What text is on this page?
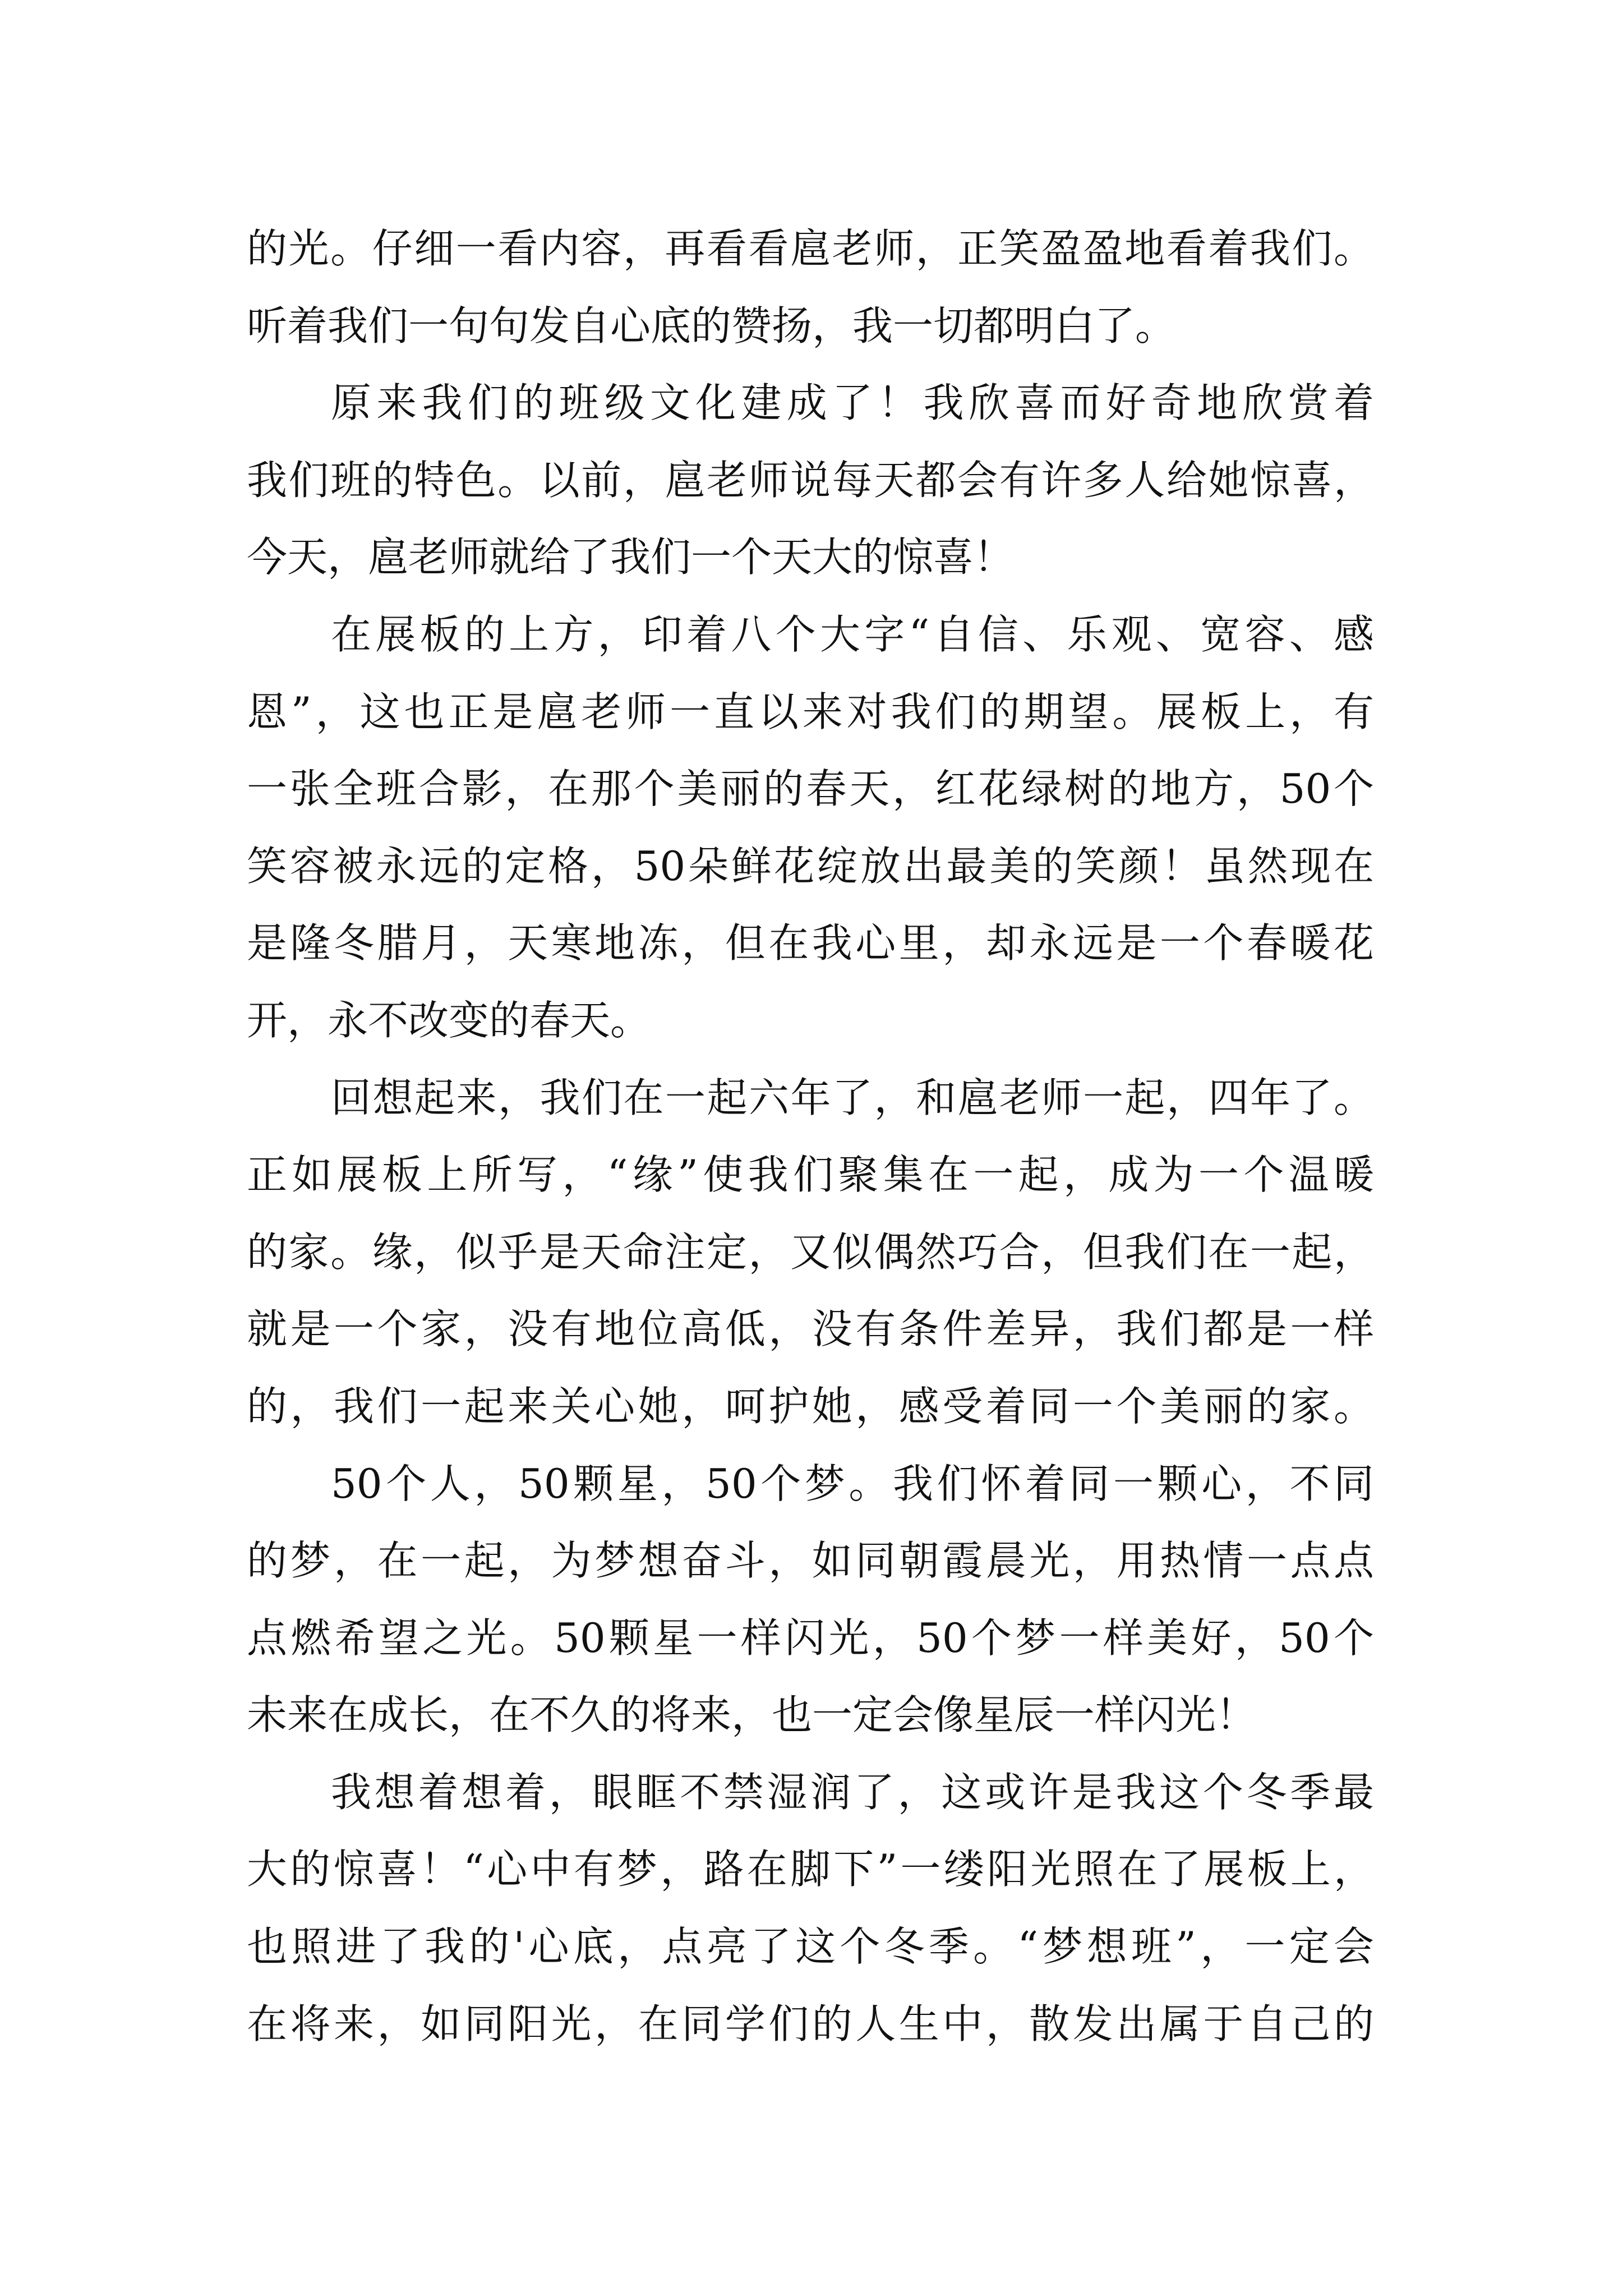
的光。仔细一看内容，再看看扈老师，正笑盈盈地看着我们。
听着我们一句句发自心底的赞扬，我一切都明白了。
原来我们的班级文化建成了！我欣喜而好奇地欣赏着
我们班的特色。以前，扈老师说每天都会有许多人给她惊喜，
今天，扈老师就给了我们一个天大的惊喜！
在展板的上方，印着八个大字“自信、乐观、宽容、感
恩”，这也正是扈老师一直以来对我们的期望。展板上，有
一张全班合影，在那个美丽的春天，红花绿树的地方，50个
笑容被永远的定格，50朵鲜花绽放出最美的笑颜！虽然现在
是隆冬腊月，天寒地冻，但在我心里，却永远是一个春暖花
开，永不改变的春天。
回想起来，我们在一起六年了，和扈老师一起，四年了。
正如展板上所写，“缘”使我们聚集在一起，成为一个温暖
的家。缘，似乎是天命注定，又似偶然巧合，但我们在一起，
就是一个家，没有地位高低，没有条件差异，我们都是一样
的，我们一起来关心她，呵护她，感受着同一个美丽的家。
50个人，50颗星，50个梦。我们怀着同一颗心，不同
的梦，在一起，为梦想奋斗，如同朝霞晨光，用热情一点点
点燃希望之光。50颗星一样闪光，50个梦一样美好，50个
未来在成长，在不久的将来，也一定会像星辰一样闪光！
我想着想着，眼眶不禁湿润了，这或许是我这个冬季最
大的惊喜！“心中有梦，路在脚下”一缕阳光照在了展板上，
也照进了我的'心底，点亮了这个冬季。“梦想班”，一定会
在将来，如同阳光，在同学们的人生中，散发出属于自己的
